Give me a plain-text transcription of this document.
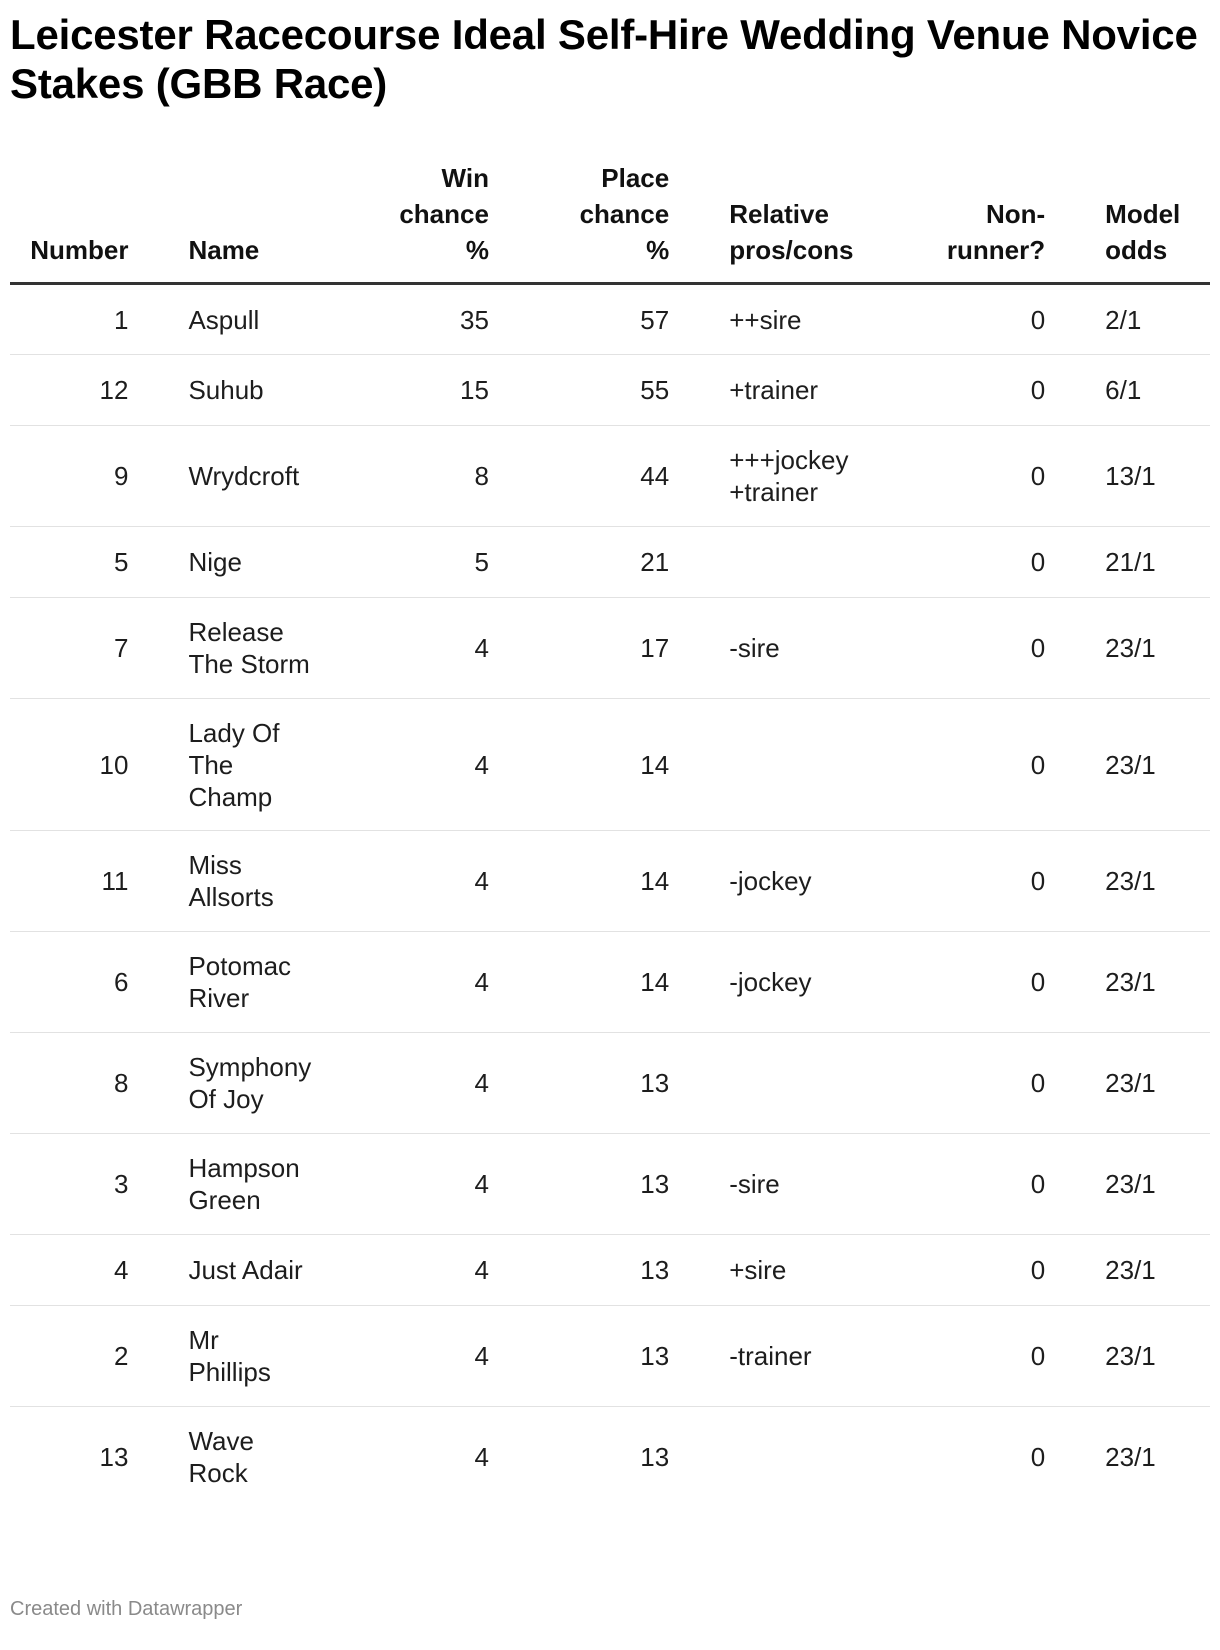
Leicester Racecourse Ideal Self-Hire Wedding Venue Novice Stakes (GBB Race)
Number	Name	Win
chance
%	Place
chance
%	Relative
pros/cons	Non-
runner?	Model
odds

1	Aspull	35	57	++sire	0	2/1
12	Suhub	15	55	+trainer	0	6/1
9	Wrydcroft	8	44	+++jockey
+trainer	0	13/1
5	Nige	5	21		0	21/1
7	Release
The Storm	4	17	-sire	0	23/1
10	Lady Of
The
Champ	4	14		0	23/1
11	Miss
Allsorts	4	14	-jockey	0	23/1
6	Potomac
River	4	14	-jockey	0	23/1
8	Symphony
Of Joy	4	13		0	23/1
3	Hampson
Green	4	13	-sire	0	23/1
4	Just Adair	4	13	+sire	0	23/1
2	Mr
Phillips	4	13	-trainer	0	23/1
13	Wave
Rock	4	13		0	23/1
Created with Datawrapper
